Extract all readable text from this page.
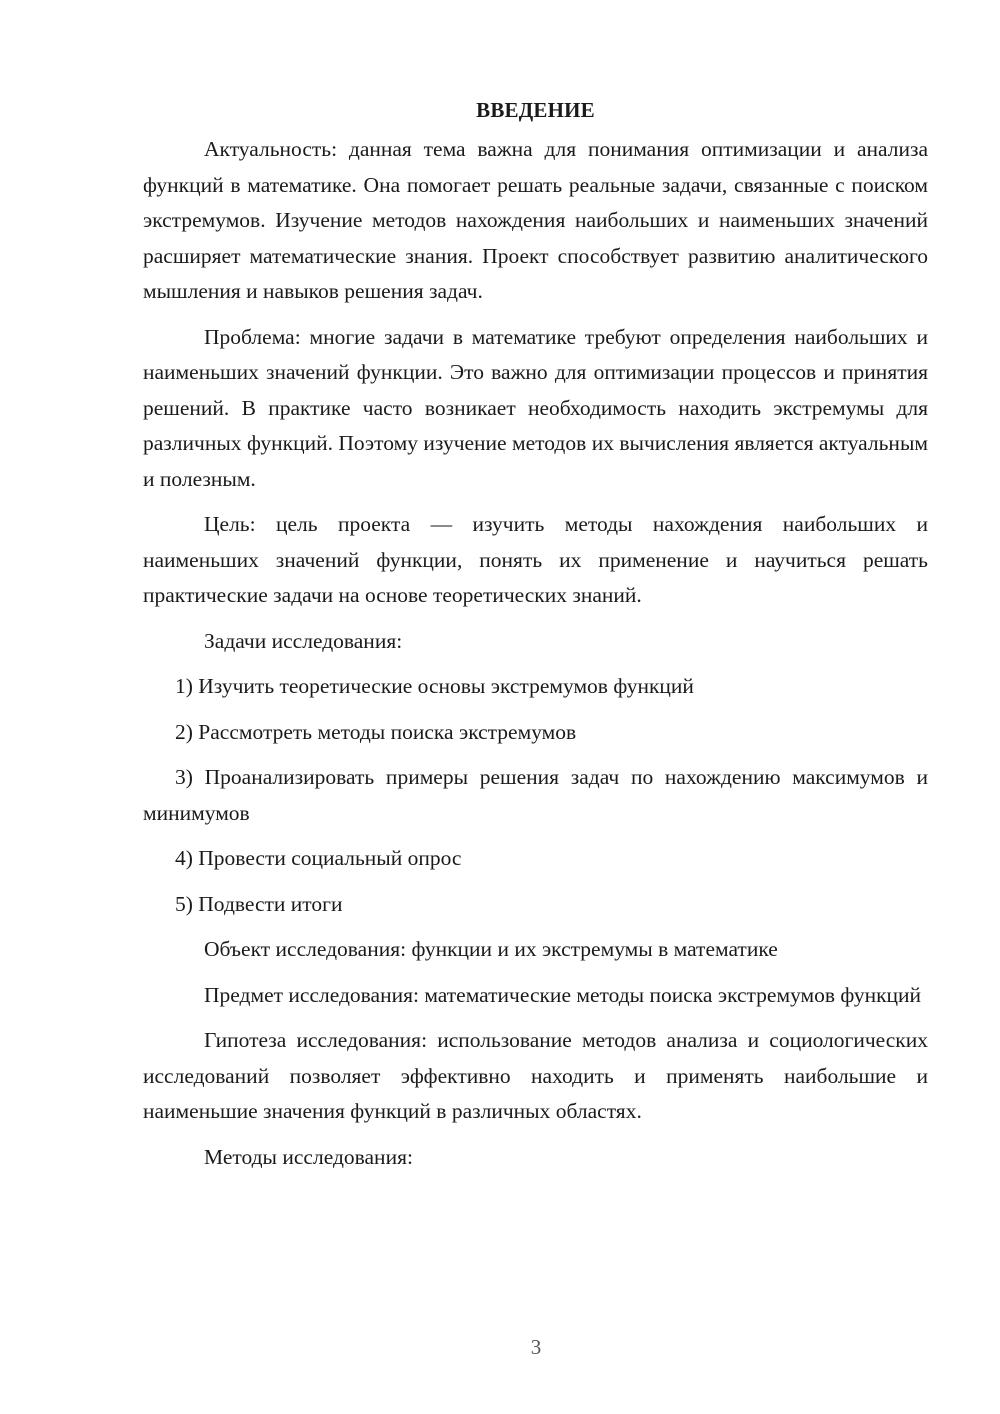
ВВЕДЕНИЕ

Актуальность: данная тема важна для понимания оптимизации и анализа функций в математике. Она помогает решать реальные задачи, связанные с поиском экстремумов. Изучение методов нахождения наибольших и наименьших значений расширяет математические знания. Проект способствует развитию аналитического мышления и навыков решения задач.

Проблема: многие задачи в математике требуют определения наибольших и наименьших значений функции. Это важно для оптимизации процессов и принятия решений. В практике часто возникает необходимость находить экстремумы для различных функций. Поэтому изучение методов их вычисления является актуальным и полезным.

Цель: цель проекта — изучить методы нахождения наибольших и наименьших значений функции, понять их применение и научиться решать практические задачи на основе теоретических знаний.

Задачи исследования:

1) Изучить теоретические основы экстремумов функций

2) Рассмотреть методы поиска экстремумов

3) Проанализировать примеры решения задач по нахождению максимумов и минимумов

4) Провести социальный опрос

5) Подвести итоги

Объект исследования: функции и их экстремумы в математике

Предмет исследования: математические методы поиска экстремумов функций

Гипотеза исследования: использование методов анализа и социологических исследований позволяет эффективно находить и применять наибольшие и наименьшие значения функций в различных областях.

Методы исследования:

3
